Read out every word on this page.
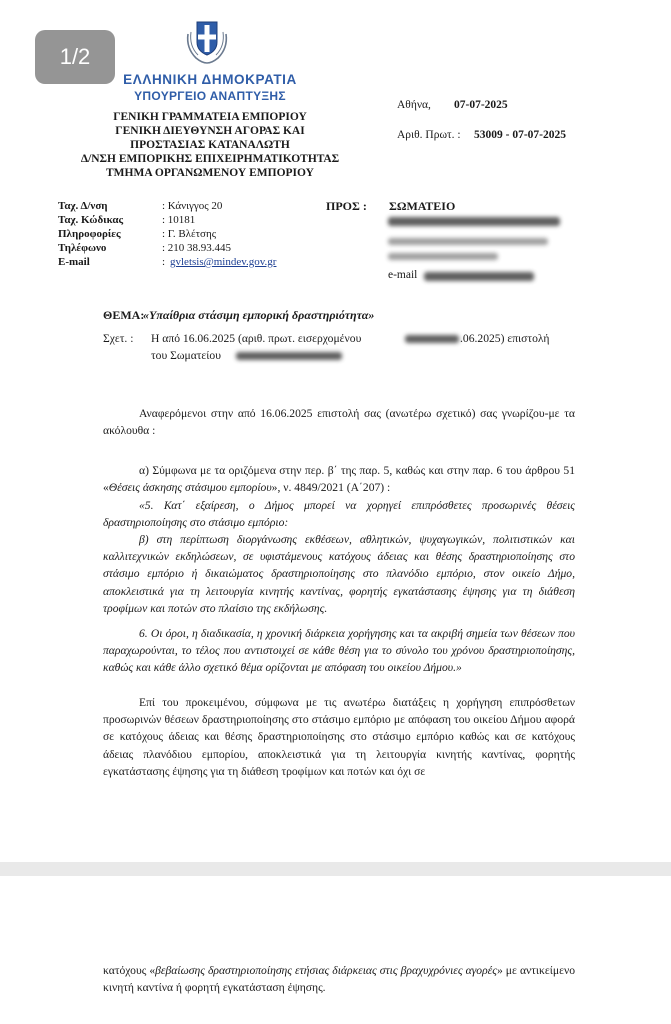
ΕΛΛΗΝΙΚΗ ΔΗΜΟΚΡΑΤΙΑ
ΥΠΟΥΡΓΕΙΟ ΑΝΑΠΤΥΞΗΣ
ΓΕΝΙΚΗ ΓΡΑΜΜΑΤΕΙΑ ΕΜΠΟΡΙΟΥ
ΓΕΝΙΚΗ ΔΙΕΥΘΥΝΣΗ ΑΓΟΡΑΣ ΚΑΙ
ΠΡΟΣΤΑΣΙΑΣ ΚΑΤΑΝΑΛΩΤΗ
Δ/ΝΣΗ ΕΜΠΟΡΙΚΗΣ ΕΠΙΧΕΙΡΗΜΑΤΙΚΟΤΗΤΑΣ
ΤΜΗΜΑ ΟΡΓΑΝΩΜΕΝΟΥ ΕΜΠΟΡΙΟΥ
Αθήνα, 07-07-2025
Αριθ. Πρωτ. : 53009 - 07-07-2025
Ταχ. Δ/νση	: Κάνιγγος 20
Ταχ. Κώδικας	: 10181
Πληροφορίες	: Γ. Βλέτσης
Τηλέφωνο	: 210 38.93.445
E-mail	: gvletsis@mindev.gov.gr
ΠΡΟΣ : ΣΩΜΑΤΕΙΟ
e-mail
ΘΕΜΑ:
«Υπαίθρια στάσιμη εμπορική δραστηριότητα»
Σχετ. : Η από 16.06.2025 (αριθ. πρωτ. εισερχομένου	.06.2025) επιστολή
του Σωματείου
Αναφερόμενοι στην από 16.06.2025 επιστολή σας (ανωτέρω σχετικό) σας γνωρίζου-με τα ακόλουθα :
α) Σύμφωνα με τα οριζόμενα στην περ. β΄ της παρ. 5, καθώς και στην παρ. 6 του άρθρου 51 «Θέσεις άσκησης στάσιμου εμπορίου», ν. 4849/2021 (Α΄207) :
«5. Κατ΄ εξαίρεση, ο Δήμος μπορεί να χορηγεί επιπρόσθετες προσωρινές θέσεις δραστηριοποίησης στο στάσιμο εμπόριο:
β) στη περίπτωση διοργάνωσης εκθέσεων, αθλητικών, ψυχαγωγικών, πολιτιστικών και καλλιτεχνικών εκδηλώσεων, σε υφιστάμενους κατόχους άδειας και θέσης δραστηριοποίησης στο στάσιμο εμπόριο ή δικαιώματος δραστηριοποίησης στο πλανόδιο εμπόριο, στον οικείο Δήμο, αποκλειστικά για τη λειτουργία κινητής καντίνας, φορητής εγκατάστασης έψησης για τη διάθεση τροφίμων και ποτών στο πλαίσιο της εκδήλωσης.
6. Οι όροι, η διαδικασία, η χρονική διάρκεια χορήγησης και τα ακριβή σημεία των θέσεων που παραχωρούνται, το τέλος που αντιστοιχεί σε κάθε θέση για το σύνολο του χρόνου δραστηριοποίησης, καθώς και κάθε άλλο σχετικό θέμα ορίζονται με απόφαση του οικείου Δήμου.»
Επί του προκειμένου, σύμφωνα με τις ανωτέρω διατάξεις η χορήγηση επιπρόσθετων προσωρινών θέσεων δραστηριοποίησης στο στάσιμο εμπόριο με απόφαση του οικείου Δήμου αφορά σε κατόχους άδειας και θέσης δραστηριοποίησης στο στάσιμο εμπόριο καθώς και σε κατόχους άδειας πλανόδιου εμπορίου, αποκλειστικά για τη λειτουργία κινητής καντίνας, φορητής εγκατάστασης έψησης για τη διάθεση τροφίμων και ποτών και όχι σε
κατόχους «βεβαίωσης δραστηριοποίησης ετήσιας διάρκειας στις βραχυχρόνιες αγορές» με αντικείμενο κινητή καντίνα ή φορητή εγκατάσταση έψησης.
1/2
